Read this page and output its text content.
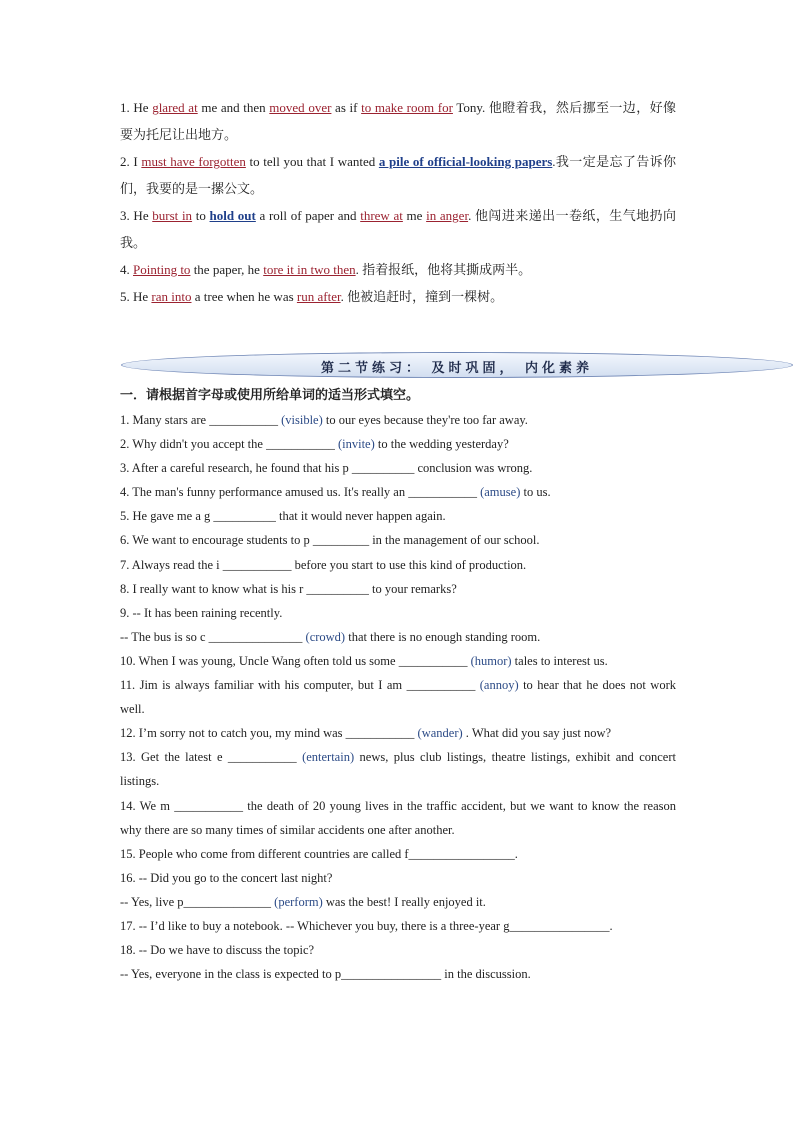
1. He glared at me and then moved over as if to make room for Tony. 他瞪着我，然后挪至一边，好像要为托尼让出地方。

2. I must have forgotten to tell you that I wanted a pile of official-looking papers.我一定是忘了告诉你们，我要的是一摞公文。

3. He burst in to hold out a roll of paper and threw at me in anger. 他闯进来递出一卷纸，生气地扔向我。

4. Pointing to the paper, he tore it in two then. 指着报纸，他将其撕成两半。

5. He ran into a tree when he was run after. 他被追赶时，撞到一棵树。

第二节练习： 及时巩固， 内化素养

一．请根据首字母或使用所给单词的适当形式填空。

1. Many stars are ___________ (visible) to our eyes because they're too far away.

2. Why didn't you accept the ___________ (invite) to the wedding yesterday?

3. After a careful research, he found that his p __________ conclusion was wrong.

4. The man's funny performance amused us. It's really an ___________ (amuse) to us.

5. He gave me a g __________ that it would never happen again.

6. We want to encourage students to p _________ in the management of our school.

7. Always read the i ___________ before you start to use this kind of production.

8. I really want to know what is his r __________ to your remarks?

9. -- It has been raining recently.

-- The bus is so c _______________ (crowd) that there is no enough standing room.

10. When I was young, Uncle Wang often told us some ___________ (humor) tales to interest us.

11. Jim is always familiar with his computer, but I am ___________ (annoy) to hear that he does not work well.

12. I’m sorry not to catch you, my mind was ___________ (wander) . What did you say just now?

13. Get the latest e ___________ (entertain) news, plus club listings, theatre listings, exhibit and concert listings.

14. We m ___________ the death of 20 young lives in the traffic accident, but we want to know the reason why there are so many times of similar accidents one after another.

15. People who come from different countries are called f_________________.

16. -- Did you go to the concert last night?

-- Yes, live p______________ (perform) was the best! I really enjoyed it.

17. -- I’d like to buy a notebook. -- Whichever you buy, there is a three-year g________________.

18. -- Do we have to discuss the topic?

-- Yes, everyone in the class is expected to p________________ in the discussion.
